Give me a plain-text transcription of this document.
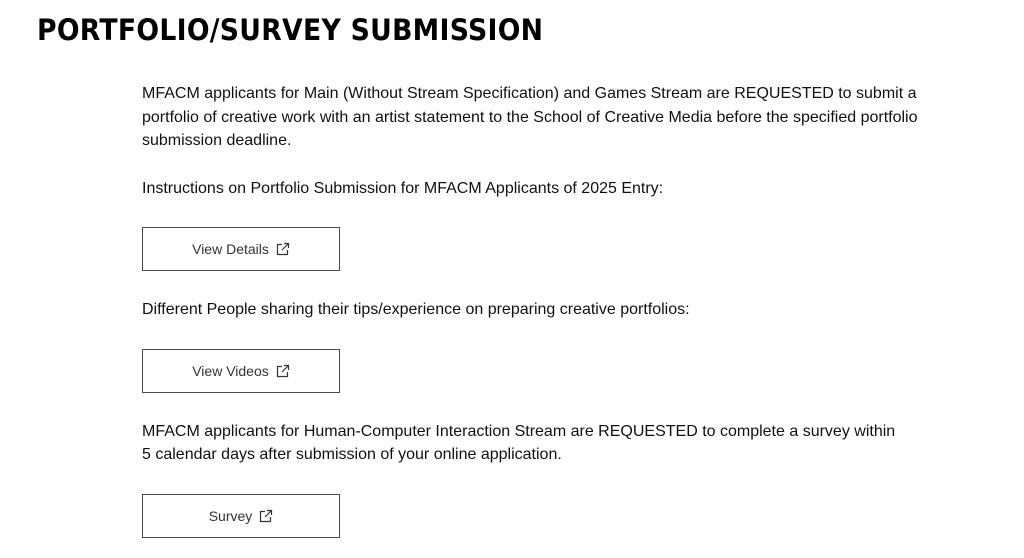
PORTFOLIO/SURVEY SUBMISSION

MFACM applicants for Main (Without Stream Specification) and Games Stream are REQUESTED to submit a portfolio of creative work with an artist statement to the School of Creative Media before the specified portfolio submission deadline.

Instructions on Portfolio Submission for MFACM Applicants of 2025 Entry:

View Details

Different People sharing their tips/experience on preparing creative portfolios:

View Videos

MFACM applicants for Human-Computer Interaction Stream are REQUESTED to complete a survey within 5 calendar days after submission of your online application.

Survey
